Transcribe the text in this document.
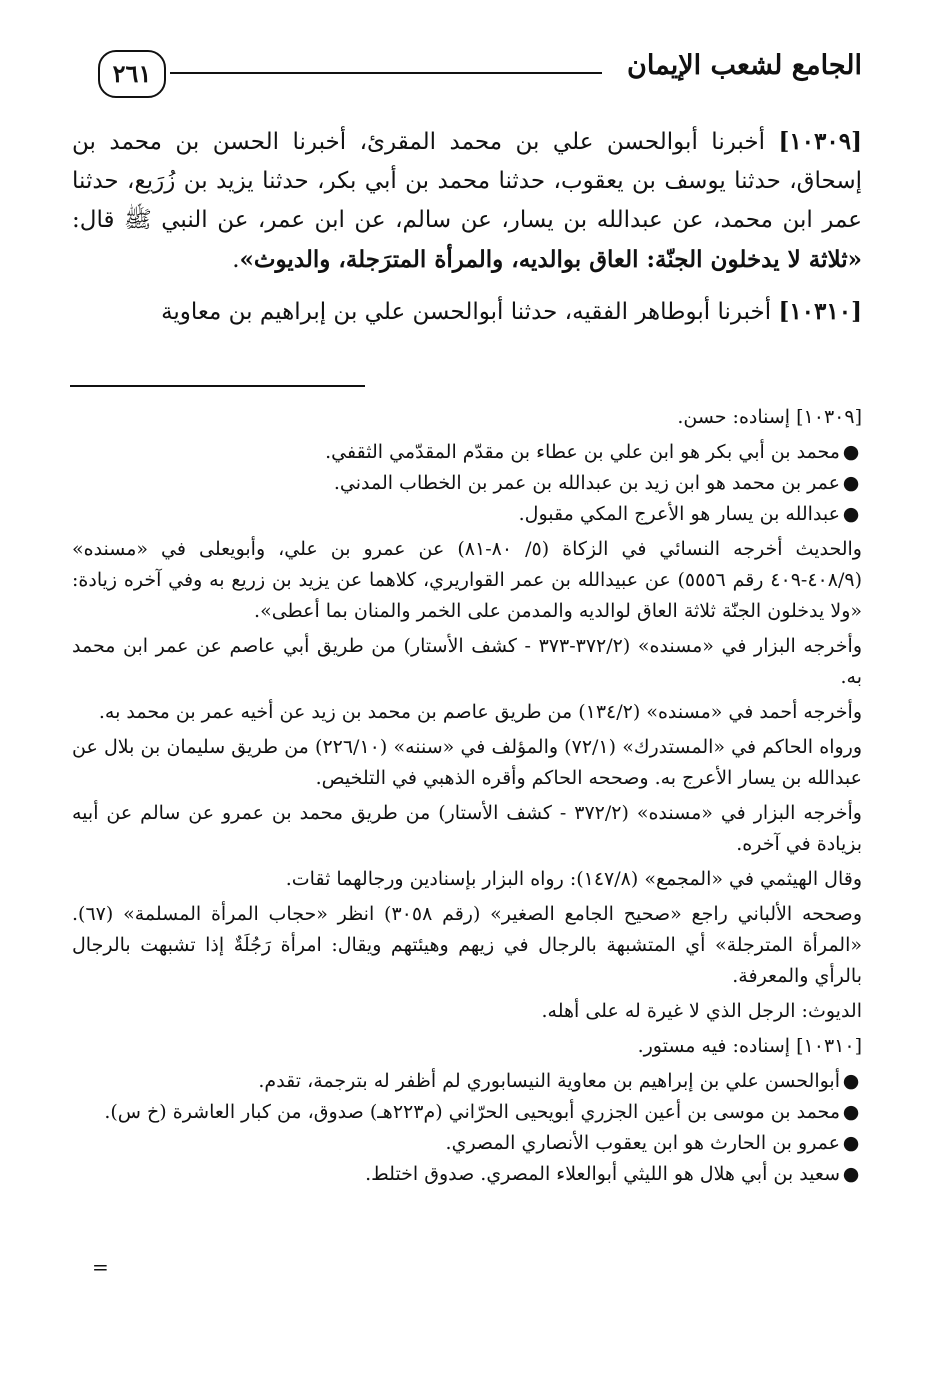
الجامع لشعب الإيمان
٢٦١

[١٠٣٠٩] أخبرنا أبوالحسن علي بن محمد المقرئ، أخبرنا الحسن بن محمد بن إسحاق، حدثنا يوسف بن يعقوب، حدثنا محمد بن أبي بكر، حدثنا يزيد بن زُرَيع، حدثنا عمر ابن محمد، عن عبدالله بن يسار، عن سالم، عن ابن عمر، عن النبي ﷺ قال: «ثلاثة لا يدخلون الجنّة: العاق بوالديه، والمرأة المترَجلة، والديوث».

[١٠٣١٠] أخبرنا أبوطاهر الفقيه، حدثنا أبوالحسن علي بن إبراهيم بن معاوية

[١٠٣٠٩] إسناده: حسن.

●محمد بن أبي بكر هو ابن علي بن عطاء بن مقدّم المقدّمي الثقفي.
●عمر بن محمد هو ابن زيد بن عبدالله بن عمر بن الخطاب المدني.
●عبدالله بن يسار هو الأعرج المكي مقبول.

والحديث أخرجه النسائي في الزكاة (٥/ ٨٠-٨١) عن عمرو بن علي، وأبويعلى في «مسنده» (٤٠٨/٩-٤٠٩ رقم ٥٥٥٦) عن عبيدالله بن عمر القواريري، كلاهما عن يزيد بن زريع به وفي آخره زيادة: «ولا يدخلون الجنّة ثلاثة العاق لوالديه والمدمن على الخمر والمنان بما أعطى».

وأخرجه البزار في «مسنده» (٣٧٢/٢-٣٧٣ - كشف الأستار) من طريق أبي عاصم عن عمر ابن محمد به.

وأخرجه أحمد في «مسنده» (١٣٤/٢) من طريق عاصم بن محمد بن زيد عن أخيه عمر بن محمد به.

ورواه الحاكم في «المستدرك» (٧٢/١) والمؤلف في «سننه» (٢٢٦/١٠) من طريق سليمان بن بلال عن عبدالله بن يسار الأعرج به. وصححه الحاكم وأقره الذهبي في التلخيص.

وأخرجه البزار في «مسنده» (٣٧٢/٢ - كشف الأستار) من طريق محمد بن عمرو عن سالم عن أبيه بزيادة في آخره.

وقال الهيثمي في «المجمع» (١٤٧/٨): رواه البزار بإسنادين ورجالهما ثقات.

وصححه الألباني راجع «صحيح الجامع الصغير» (رقم ٣٠٥٨) انظر «حجاب المرأة المسلمة» (٦٧). «المرأة المترجلة» أي المتشبهة بالرجال في زيهم وهيئتهم ويقال: امرأة رَجُلَةٌ إذا تشبهت بالرجال بالرأي والمعرفة.

الديوث: الرجل الذي لا غيرة له على أهله.

[١٠٣١٠] إسناده: فيه مستور.

●أبوالحسن علي بن إبراهيم بن معاوية النيسابوري لم أظفر له بترجمة، تقدم.
●محمد بن موسى بن أعين الجزري أبويحيى الحرّاني (م٢٢٣هـ) صدوق، من كبار العاشرة (خ س).
●عمرو بن الحارث هو ابن يعقوب الأنصاري المصري.
●سعيد بن أبي هلال هو الليثي أبوالعلاء المصري. صدوق اختلط.
=
